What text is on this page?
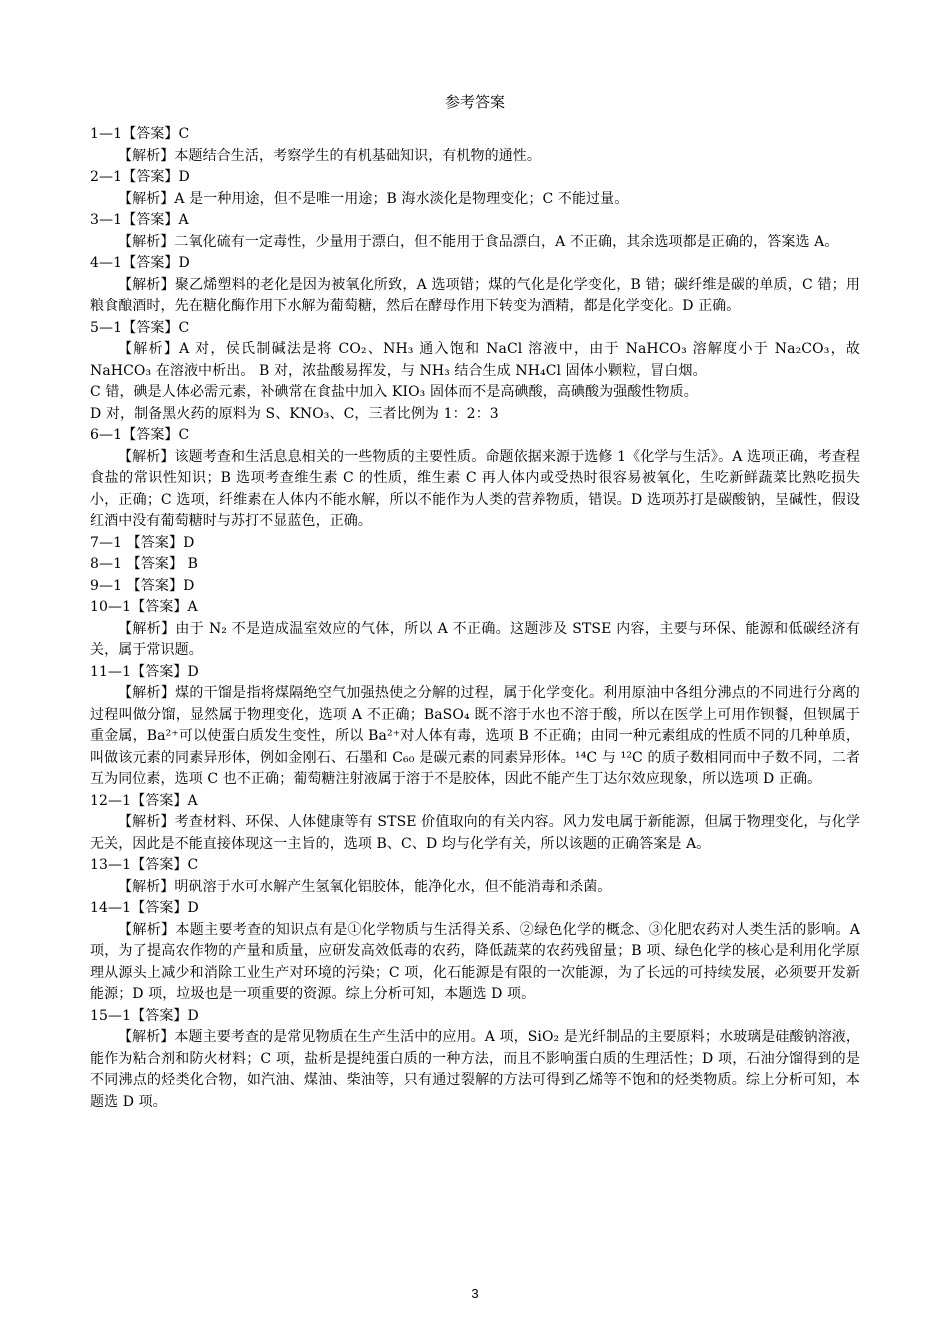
参考答案
1—1【答案】C
【解析】本题结合生活，考察学生的有机基础知识，有机物的通性。
2—1【答案】D
【解析】A 是一种用途，但不是唯一用途；B 海水淡化是物理变化；C 不能过量。
3—1【答案】A
【解析】二氧化硫有一定毒性，少量用于漂白，但不能用于食品漂白，A 不正确，其余选项都是正确的，答案选 A。
4—1【答案】D
【解析】聚乙烯塑料的老化是因为被氧化所致，A 选项错；煤的气化是化学变化，B 错；碳纤维是碳的单质，C 错；用粮食酿酒时，先在糖化酶作用下水解为葡萄糖，然后在酵母作用下转变为酒精，都是化学变化。D 正确。
5—1【答案】C
【解析】A 对，侯氏制碱法是将 CO₂、NH₃ 通入饱和 NaCl 溶液中，由于 NaHCO₃ 溶解度小于 Na₂CO₃，故 NaHCO₃ 在溶液中析出。 B 对，浓盐酸易挥发，与 NH₃ 结合生成 NH₄Cl 固体小颗粒，冒白烟。
C 错，碘是人体必需元素，补碘常在食盐中加入 KIO₃ 固体而不是高碘酸，高碘酸为强酸性物质。
D 对，制备黑火药的原料为 S、KNO₃、C，三者比例为 1：2：3
6—1【答案】C
【解析】该题考查和生活息息相关的一些物质的主要性质。命题依据来源于选修 1《化学与生活》。A 选项正确，考查程食盐的常识性知识；B 选项考查维生素 C 的性质，维生素 C 再人体内或受热时很容易被氧化，生吃新鲜蔬菜比熟吃损失小，正确；C 选项，纤维素在人体内不能水解，所以不能作为人类的营养物质，错误。D 选项苏打是碳酸钠，呈碱性，假设红酒中没有葡萄糖时与苏打不显蓝色，正确。
7—1 【答案】D
8—1 【答案】 B
9—1 【答案】D
10—1【答案】A
【解析】由于 N₂ 不是造成温室效应的气体，所以 A 不正确。这题涉及 STSE 内容，主要与环保、能源和低碳经济有关，属于常识题。
11—1【答案】D
【解析】煤的干馏是指将煤隔绝空气加强热使之分解的过程，属于化学变化。利用原油中各组分沸点的不同进行分离的过程叫做分馏，显然属于物理变化，选项 A 不正确；BaSO₄ 既不溶于水也不溶于酸，所以在医学上可用作钡餐，但钡属于重金属，Ba²⁺可以使蛋白质发生变性，所以 Ba²⁺对人体有毒，选项 B 不正确；由同一种元素组成的性质不同的几种单质，叫做该元素的同素异形体，例如金刚石、石墨和 C₆₀ 是碳元素的同素异形体。¹⁴C 与 ¹²C 的质子数相同而中子数不同，二者互为同位素，选项 C 也不正确；葡萄糖注射液属于溶于不是胶体，因此不能产生丁达尔效应现象，所以选项 D 正确。
12—1【答案】A
【解析】考查材料、环保、人体健康等有 STSE 价值取向的有关内容。风力发电属于新能源，但属于物理变化，与化学无关，因此是不能直接体现这一主旨的，选项 B、C、D 均与化学有关，所以该题的正确答案是 A。
13—1【答案】C
【解析】明矾溶于水可水解产生氢氧化铝胶体，能净化水，但不能消毒和杀菌。
14—1【答案】D
【解析】本题主要考查的知识点有是①化学物质与生活得关系、②绿色化学的概念、③化肥农药对人类生活的影响。A 项，为了提高农作物的产量和质量，应研发高效低毒的农药，降低蔬菜的农药残留量；B 项、绿色化学的核心是利用化学原理从源头上减少和消除工业生产对环境的污染；C 项，化石能源是有限的一次能源，为了长远的可持续发展，必须要开发新能源；D 项，垃圾也是一项重要的资源。综上分析可知，本题选 D 项。
15—1【答案】D
【解析】本题主要考查的是常见物质在生产生活中的应用。A 项，SiO₂ 是光纤制品的主要原料；水玻璃是硅酸钠溶液，能作为粘合剂和防火材料；C 项，盐析是提纯蛋白质的一种方法，而且不影响蛋白质的生理活性；D 项，石油分馏得到的是不同沸点的烃类化合物，如汽油、煤油、柴油等，只有通过裂解的方法可得到乙烯等不饱和的烃类物质。综上分析可知，本题选 D 项。
3
